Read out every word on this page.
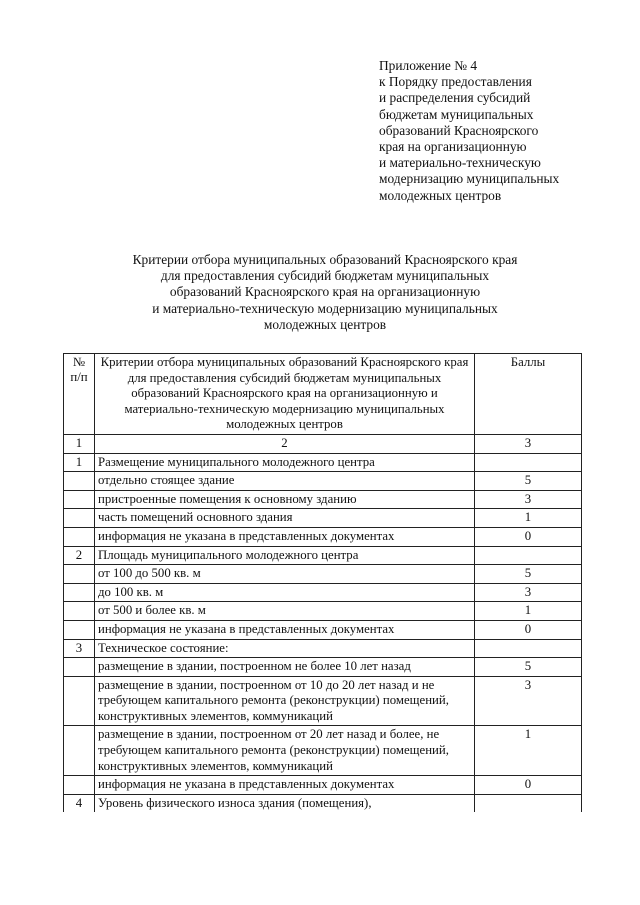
Приложение № 4
к Порядку предоставления
и распределения субсидий
бюджетам муниципальных
образований Красноярского
края на организационную
и материально-техническую
модернизацию муниципальных
молодежных центров
Критерии отбора муниципальных образований Красноярского края
для предоставления субсидий бюджетам муниципальных
образований Красноярского края на организационную
и материально-техническую модернизацию муниципальных
молодежных центров
№ п/п	Критерии отбора муниципальных образований Красноярского края для предоставления субсидий бюджетам муниципальных образований Красноярского края на организационную и материально-техническую модернизацию муниципальных молодежных центров	Баллы
1	2	3
1	Размещение муниципального молодежного центра	
	отдельно стоящее здание	5
	пристроенные помещения к основному зданию	3
	часть помещений основного здания	1
	информация не указана в представленных документах	0
2	Площадь муниципального молодежного центра	
	от 100 до 500 кв. м	5
	до 100 кв. м	3
	от 500 и более кв. м	1
	информация не указана в представленных документах	0
3	Техническое состояние:	
	размещение в здании, построенном не более 10 лет назад	5
	размещение в здании, построенном от 10 до 20 лет назад и не требующем капитального ремонта (реконструкции) помещений, конструктивных элементов, коммуникаций	3
	размещение в здании, построенном от 20 лет назад и более, не требующем капитального ремонта (реконструкции) помещений, конструктивных элементов, коммуникаций	1
	информация не указана в представленных документах	0
4	Уровень физического износа здания (помещения),	
